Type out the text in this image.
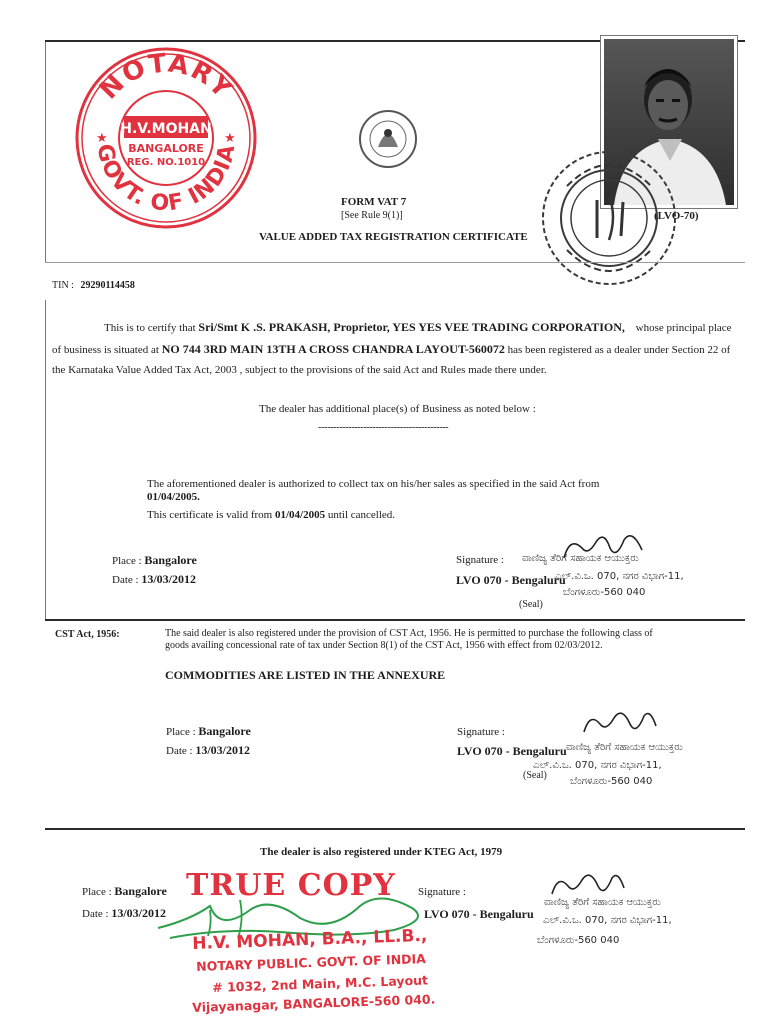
FORM VAT 7
[See Rule 9(1)]
VALUE ADDED TAX REGISTRATION CERTIFICATE
(LVO-70)
NOTARY
GOVT. OF INDIA
★	★
H.V.MOHAN
BANGALORE
REG. NO.1010
TIN : 29290114458
This is to certify that Sri/Smt K .S. PRAKASH, Proprietor, YES YES VEE TRADING CORPORATION, whose principal place
of business is situated at NO 744 3RD MAIN 13TH A CROSS CHANDRA LAYOUT-560072 has been registered as a dealer under Section 22 of
the Karnataka Value Added Tax Act, 2003 , subject to the provisions of the said Act and Rules made there under.
The dealer has additional place(s) of Business as noted below :
-------------------------------------------
The aforementioned dealer is authorized to collect tax on his/her sales as specified in the said Act from
01/04/2005.
This certificate is valid from 01/04/2005 until cancelled.
Place : Bangalore
Date : 13/03/2012
Signature :
LVO 070 - Bengaluru
(Seal)
ವಾಣಿಜ್ಯ ತೆರಿಗೆ ಸಹಾಯಕ ಆಯುಕ್ತರು
ಎಲ್.ವಿ.ಒ. 070, ನಗರ ವಿಭಾಗ-11,
ಬೆಂಗಳೂರು-560 040
CST Act, 1956:	The said dealer is also registered under the provision of CST Act, 1956. He is permitted to purchase the following class of goods availing concessional rate of tax under Section 8(1) of the CST Act, 1956 with effect from 02/03/2012.
COMMODITIES ARE LISTED IN THE ANNEXURE
Place : Bangalore
Date : 13/03/2012
Signature :
LVO 070 - Bengaluru
(Seal)
ವಾಣಿಜ್ಯ ತೆರಿಗೆ ಸಹಾಯಕ ಆಯುಕ್ತರು
ಎಲ್.ವಿ.ಒ. 070, ನಗರ ವಿಭಾಗ-11,
ಬೆಂಗಳೂರು-560 040
The dealer is also registered under KTEG Act, 1979
Place : Bangalore
Date : 13/03/2012
Signature :
LVO 070 - Bengaluru
ವಾಣಿಜ್ಯ ತೆರಿಗೆ ಸಹಾಯಕ ಆಯುಕ್ತರು
ಎಲ್.ವಿ.ಒ. 070, ನಗರ ವಿಭಾಗ-11,
ಬೆಂಗಳೂರು-560 040
TRUE COPY
H.V. MOHAN, B.A., LL.B.,
NOTARY PUBLIC. GOVT. OF INDIA
# 1032, 2nd Main, M.C. Layout
Vijayanagar, BANGALORE-560 040.
